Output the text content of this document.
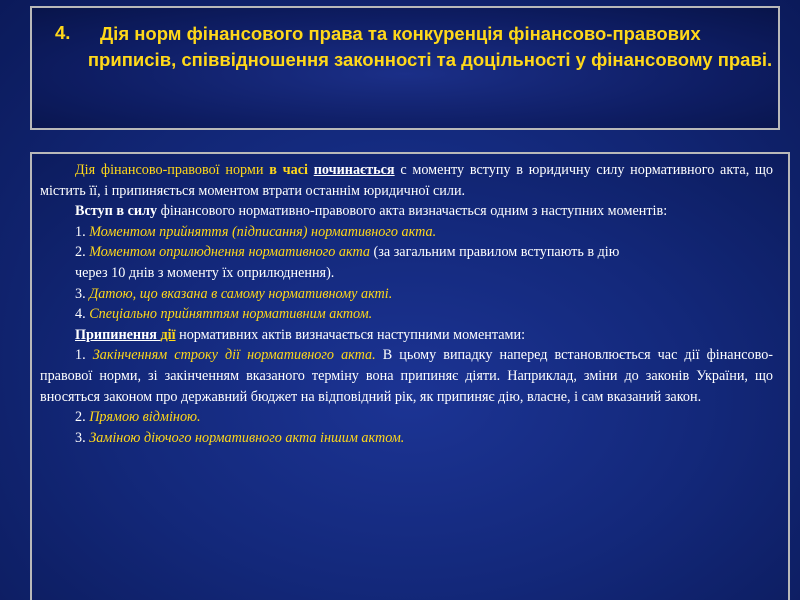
4.	Дія норм фінансового права та конкуренція фінансово-правових
приписів, співвідношення законності та доцільності у фінансовому праві.

Дія фінансово-правової норми в часі починається с моменту вступу в юридичну силу нормативного акта, що містить її, і припиняється моментом втрати останнім юридичної сили.

Вступ в силу фінансового нормативно-правового акта визначається одним з наступних моментів:

1. Моментом прийняття (підписання) нормативного акта.

2. Моментом оприлюднення нормативного акта (за загальним правилом вступають в дію

через 10 днів з моменту їх оприлюднення).

3. Датою, що вказана в самому нормативному акті.

4. Спеціально прийняттям нормативним актом.

Припинення дії нормативних актів визначається наступними моментами:

1. Закінченням строку дії нормативного акта. В цьому випадку наперед встановлюється час дії фінансово-правової норми, зі закінченням вказаного терміну вона припиняє діяти. Наприклад, зміни до законів України, що вносяться законом про державний бюджет на відповідний рік, як припиняє дію, власне, і сам вказаний закон.

2. Прямою відміною.

3. Заміною діючого нормативного акта іншим актом.
